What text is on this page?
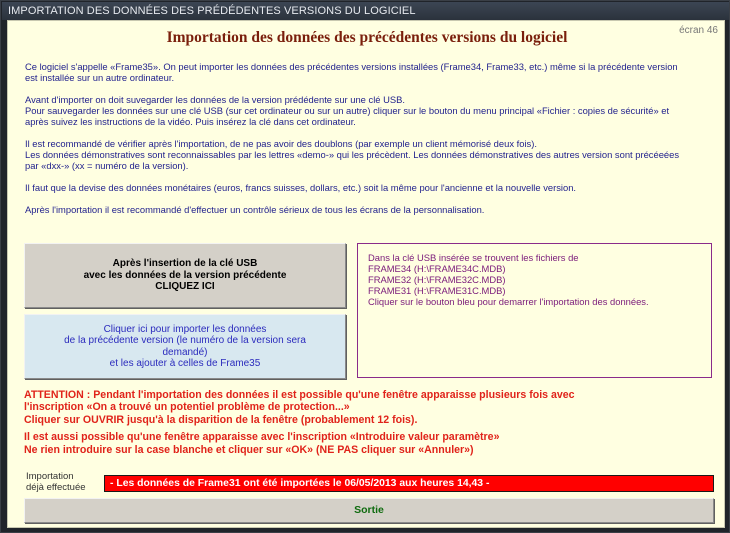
IMPORTATION DES DONNÉES DES PRÉDÉDENTES VERSIONS DU LOGICIEL
écran 46
Importation des données des précédentes versions du logiciel

Ce logiciel s'appelle «Frame35». On peut importer les données des précédentes versions installées (Frame34, Frame33, etc.) même si la précédente version
est installée sur un autre ordinateur.

Avant d'importer on doit suvegarder les données de la version prédédente sur une clé USB.
Pour sauvegarder les données sur une clé USB (sur cet ordinateur ou sur un autre) cliquer sur le bouton du menu principal «Fichier : copies de sécurité» et
après suivez les instructions de la vidéo. Puis insérez la clé dans cet ordinateur.

Il est recommandé de vérifier après l'importation, de ne pas avoir des doublons (par exemple un client mémorisé deux fois).
Les données démonstratives sont reconnaissables par les lettres «demo-» qui les précèdent. Les données démonstratives des autres version sont précéeées
par «dxx-» (xx = numéro de la version).

Il faut que la devise des données monétaires (euros, francs suisses, dollars, etc.) soit la même pour l'ancienne et la nouvelle version.

Après l'importation il est recommandé d'effectuer un contrôle sérieux de tous les écrans de la personnalisation.

Après l'insertion de la clé USB
avec les données de la version précédente
CLIQUEZ ICI
Cliquer ici pour importer les données
de la précédente version (le numéro de la version sera
demandé)
et les ajouter à celles de Frame35
Dans la clé USB insérée se trouvent les fichiers de
FRAME34 (H:\FRAME34C.MDB)
FRAME32 (H:\FRAME32C.MDB)
FRAME31 (H:\FRAME31C.MDB)
Cliquer sur le bouton bleu pour demarrer l'importation des données.

ATTENTION : Pendant l'importation des données il est possible qu'une fenêtre apparaisse plusieurs fois avec
l'inscription «On a trouvé un potentiel problème de protection...»
Cliquer sur OUVRIR jusqu'à la disparition de la fenêtre (probablement 12 fois).

Il est aussi possible qu'une fenêtre apparaisse avec l'inscription «Introduire valeur paramètre»
Ne rien introduire sur la case blanche et cliquer sur «OK» (NE PAS cliquer sur «Annuler»)

Importation
déjà effectuée	- Les données de Frame31 ont été importées le 06/05/2013 aux heures 14,43 -
Sortie
